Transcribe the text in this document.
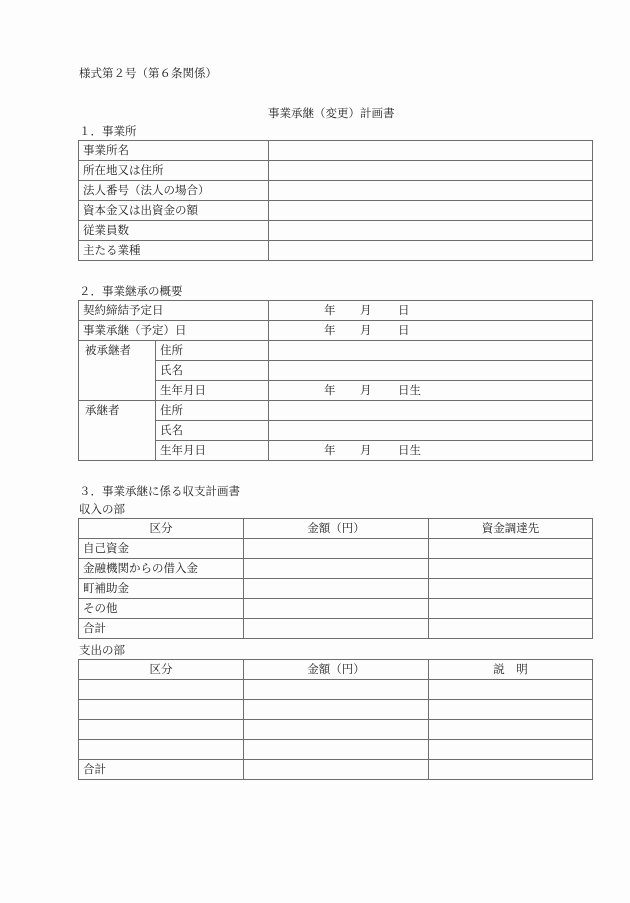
様式第２号（第６条関係）
事業承継（変更）計画書
１．事業所
事業所名	
所在地又は住所	
法人番号（法人の場合）	
資本金又は出資金の額	
従業員数	
主たる業種	
２．事業継承の概要
契約締結予定日		年 月 日
事業承継（予定）日		年 月 日
被承継者	住所	
	氏名	
	生年月日	年 月 日生
承継者	住所	
	氏名	
	生年月日	年 月 日生
３．事業承継に係る収支計画書
収入の部
区分	金額（円）	資金調達先
自己資金		
金融機関からの借入金		
町補助金		
その他		
合計		
支出の部
区分	金額（円）	説　明

合計		
